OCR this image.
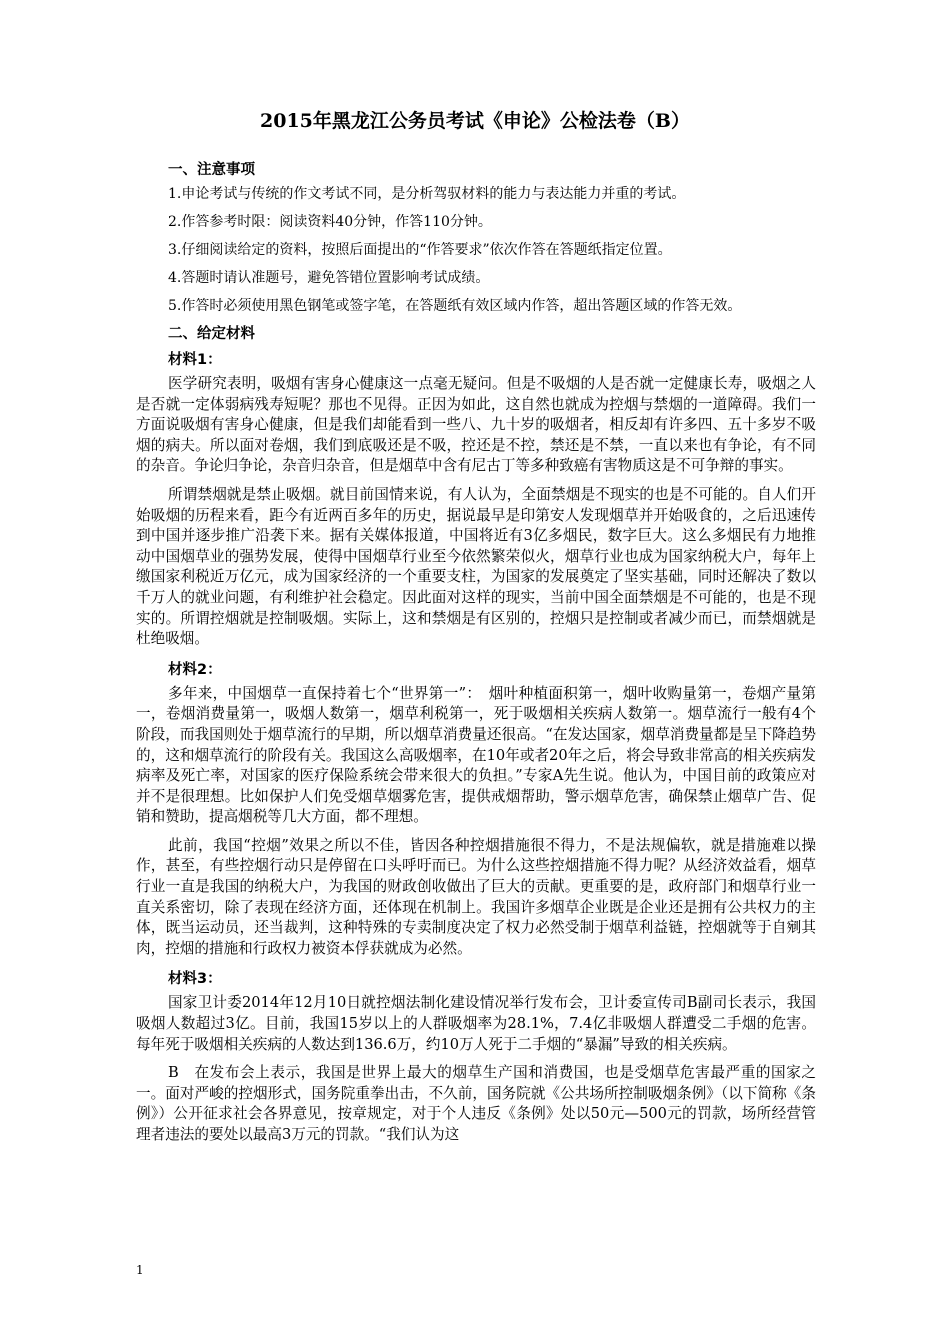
2015年黑龙江公务员考试《申论》公检法卷（B）
一、注意事项
1.申论考试与传统的作文考试不同，是分析驾驭材料的能力与表达能力并重的考试。
2.作答参考时限：阅读资料40分钟，作答110分钟。
3.仔细阅读给定的资料，按照后面提出的“作答要求”依次作答在答题纸指定位置。
4.答题时请认准题号，避免答错位置影响考试成绩。
5.作答时必须使用黑色钢笔或签字笔，在答题纸有效区域内作答，超出答题区域的作答无效。
二、给定材料
材料1：

医学研究表明，吸烟有害身心健康这一点毫无疑问。但是不吸烟的人是否就一定健康长寿，吸烟之人是否就一定体弱病残寿短呢？那也不见得。正因为如此，这自然也就成为控烟与禁烟的一道障碍。我们一方面说吸烟有害身心健康，但是我们却能看到一些八、九十岁的吸烟者，相反却有许多四、五十多岁不吸烟的病夫。所以面对卷烟，我们到底吸还是不吸，控还是不控，禁还是不禁，一直以来也有争论，有不同的杂音。争论归争论，杂音归杂音，但是烟草中含有尼古丁等多种致癌有害物质这是不可争辩的事实。

所谓禁烟就是禁止吸烟。就目前国情来说，有人认为，全面禁烟是不现实的也是不可能的。自人们开始吸烟的历程来看，距今有近两百多年的历史，据说最早是印第安人发现烟草并开始吸食的，之后迅速传到中国并逐步推广沿袭下来。据有关媒体报道，中国将近有3亿多烟民，数字巨大。这么多烟民有力地推动中国烟草业的强势发展，使得中国烟草行业至今依然繁荣似火，烟草行业也成为国家纳税大户，每年上缴国家利税近万亿元，成为国家经济的一个重要支柱，为国家的发展奠定了坚实基础，同时还解决了数以千万人的就业问题，有利维护社会稳定。因此面对这样的现实，当前中国全面禁烟是不可能的，也是不现实的。所谓控烟就是控制吸烟。实际上，这和禁烟是有区别的，控烟只是控制或者减少而已，而禁烟就是杜绝吸烟。

材料2：

多年来，中国烟草一直保持着七个“世界第一”：　烟叶种植面积第一，烟叶收购量第一，卷烟产量第一，卷烟消费量第一，吸烟人数第一，烟草利税第一，死于吸烟相关疾病人数第一。烟草流行一般有4个阶段，而我国则处于烟草流行的早期，所以烟草消费量还很高。“在发达国家，烟草消费量都是呈下降趋势的，这和烟草流行的阶段有关。我国这么高吸烟率，在10年或者20年之后，将会导致非常高的相关疾病发病率及死亡率，对国家的医疗保险系统会带来很大的负担。”专家A先生说。他认为，中国目前的政策应对并不是很理想。比如保护人们免受烟草烟雾危害，提供戒烟帮助，警示烟草危害，确保禁止烟草广告、促销和赞助，提高烟税等几大方面，都不理想。

此前，我国“控烟”效果之所以不佳，皆因各种控烟措施很不得力，不是法规偏软，就是措施难以操作，甚至，有些控烟行动只是停留在口头呼吁而已。为什么这些控烟措施不得力呢？从经济效益看，烟草行业一直是我国的纳税大户，为我国的财政创收做出了巨大的贡献。更重要的是，政府部门和烟草行业一直关系密切，除了表现在经济方面，还体现在机制上。我国许多烟草企业既是企业还是拥有公共权力的主体，既当运动员，还当裁判，这种特殊的专卖制度决定了权力必然受制于烟草利益链，控烟就等于自剜其肉，控烟的措施和行政权力被资本俘获就成为必然。

材料3：

国家卫计委2014年12月10日就控烟法制化建设情况举行发布会，卫计委宣传司B副司长表示，我国吸烟人数超过3亿。目前，我国15岁以上的人群吸烟率为28.1%，7.4亿非吸烟人群遭受二手烟的危害。每年死于吸烟相关疾病的人数达到136.6万，约10万人死于二手烟的“暴漏”导致的相关疾病。

B　在发布会上表示，我国是世界上最大的烟草生产国和消费国，也是受烟草危害最严重的国家之一。面对严峻的控烟形式，国务院重拳出击，不久前，国务院就《公共场所控制吸烟条例》（以下简称《条例》）公开征求社会各界意见，按章规定，对于个人违反《条例》处以50元—500元的罚款，场所经营管理者违法的要处以最高3万元的罚款。“我们认为这

1
